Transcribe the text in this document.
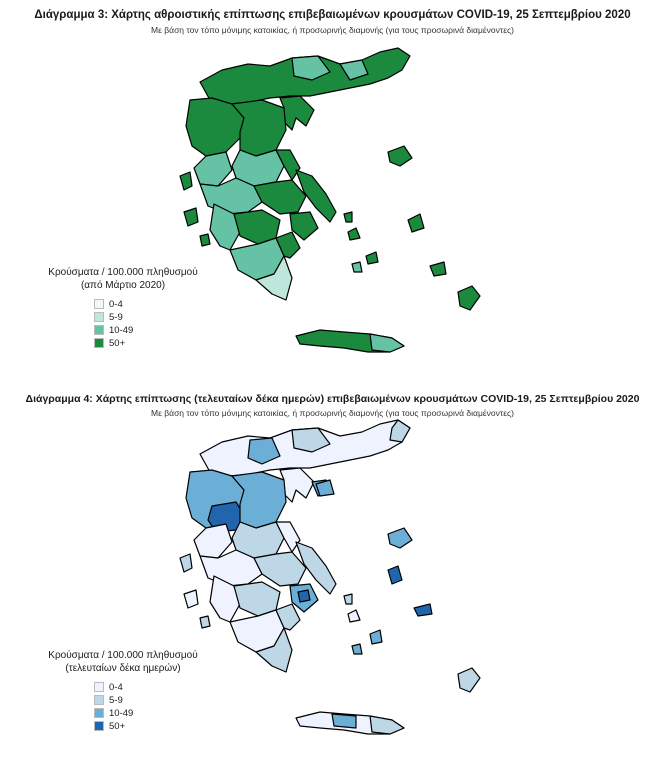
Διάγραμμα 3: Χάρτης αθροιστικής επίπτωσης επιβεβαιωμένων κρουσμάτων COVID-19, 25 Σεπτεμβρίου 2020
Με βάση τον τόπο μόνιμης κατοικίας, ή προσωρινής διαμονής (για τους προσωρινά διαμένοντες)
Κρούσματα / 100.000 πληθυσμού
(από Μάρτιο 2020)
0-4
5-9
10-49
50+
Διάγραμμα 4: Χάρτης επίπτωσης (τελευταίων δέκα ημερών) επιβεβαιωμένων κρουσμάτων COVID-19, 25 Σεπτεμβρίου 2020
Με βάση τον τόπο μόνιμης κατοικίας, ή προσωρινής διαμονής (για τους προσωρινά διαμένοντες)
Κρούσματα / 100.000 πληθυσμού
(τελευταίων δέκα ημερών)
0-4
5-9
10-49
50+
